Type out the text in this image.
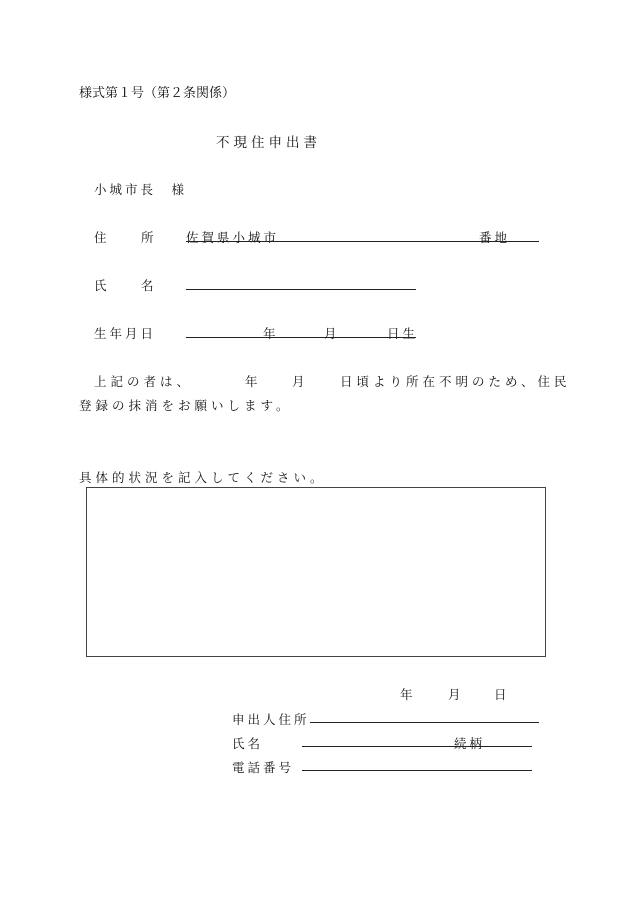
様式第１号（第２条関係）
不現住申出書
小城市長　様
住	所	佐賀県小城市	番地
氏	名
生年月日	年	月	日生
上記の者は、	年	月	日頃より所在不明のため、住民
登録の抹消をお願いします。
具体的状況を記入してください。
年	月	日
申出人住所
氏名	続柄
電話番号
